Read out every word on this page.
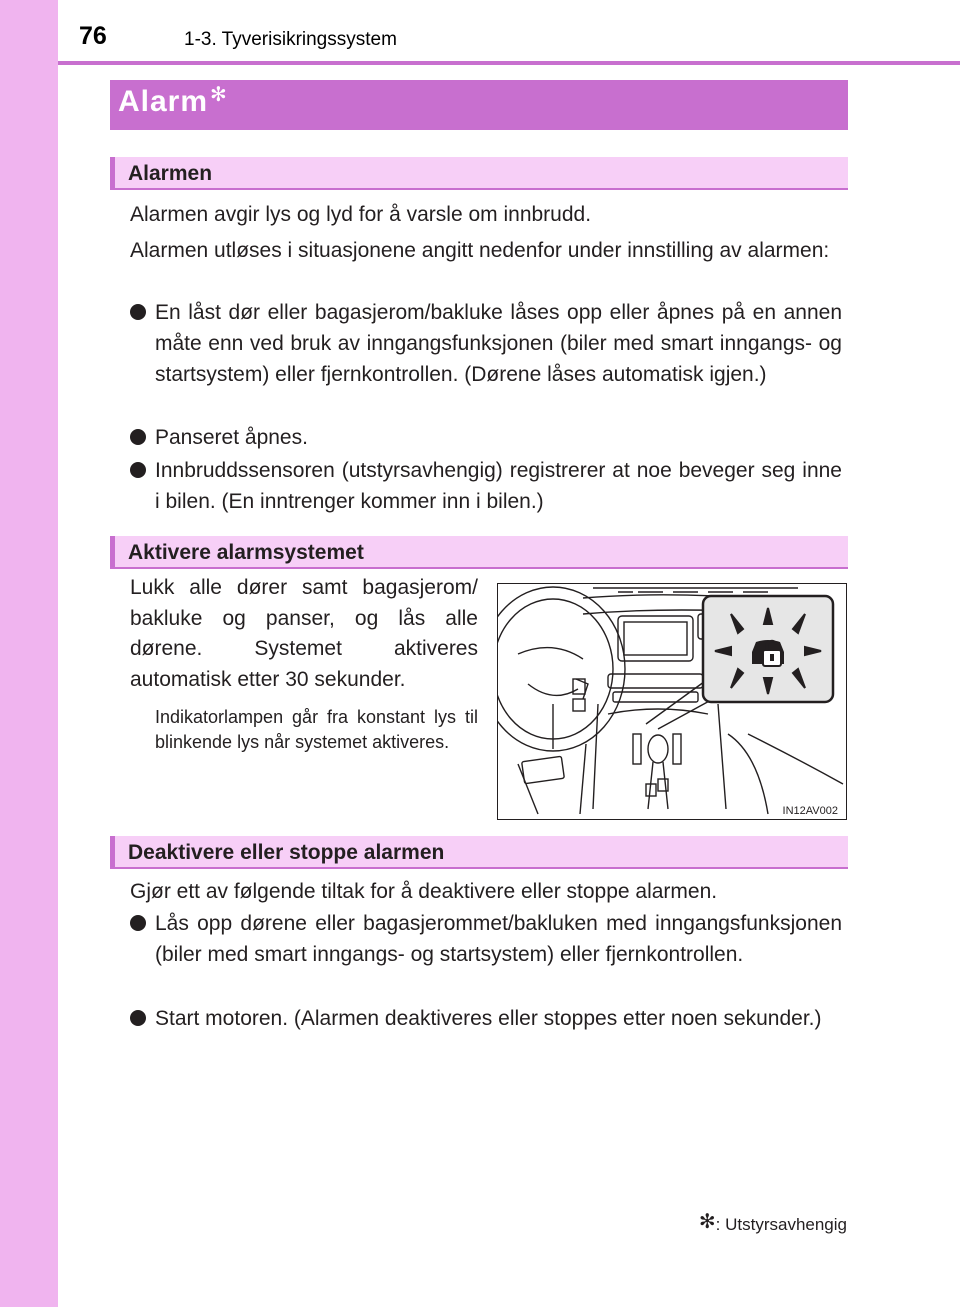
76	1-3. Tyverisikringssystem
Alarm ✻
Alarmen
Alarmen avgir lys og lyd for å varsle om innbrudd.
Alarmen utløses i situasjonene angitt nedenfor under innstilling av alarmen:
En låst dør eller bagasjerom/bakluke låses opp eller åpnes på en annen måte enn ved bruk av inngangsfunksjonen (biler med smart inngangs- og startsystem) eller fjernkontrollen. (Dørene låses automatisk igjen.)
Panseret åpnes.
Innbruddssensoren (utstyrsavhengig) registrerer at noe beveger seg inne i bilen. (En inntrenger kommer inn i bilen.)
Aktivere alarmsystemet
Lukk alle dører samt bagasjerom/ bakluke og panser, og lås alle dørene. Systemet aktiveres automatisk etter 30 sekunder.
Indikatorlampen går fra konstant lys til blinkende lys når systemet aktiveres.
IN12AV002
Deaktivere eller stoppe alarmen
Gjør ett av følgende tiltak for å deaktivere eller stoppe alarmen.
Lås opp dørene eller bagasjerommet/bakluken med inngangsfunksjonen (biler med smart inngangs- og startsystem) eller fjernkontrollen.
Start motoren. (Alarmen deaktiveres eller stoppes etter noen sekunder.)
✻: Utstyrsavhengig
